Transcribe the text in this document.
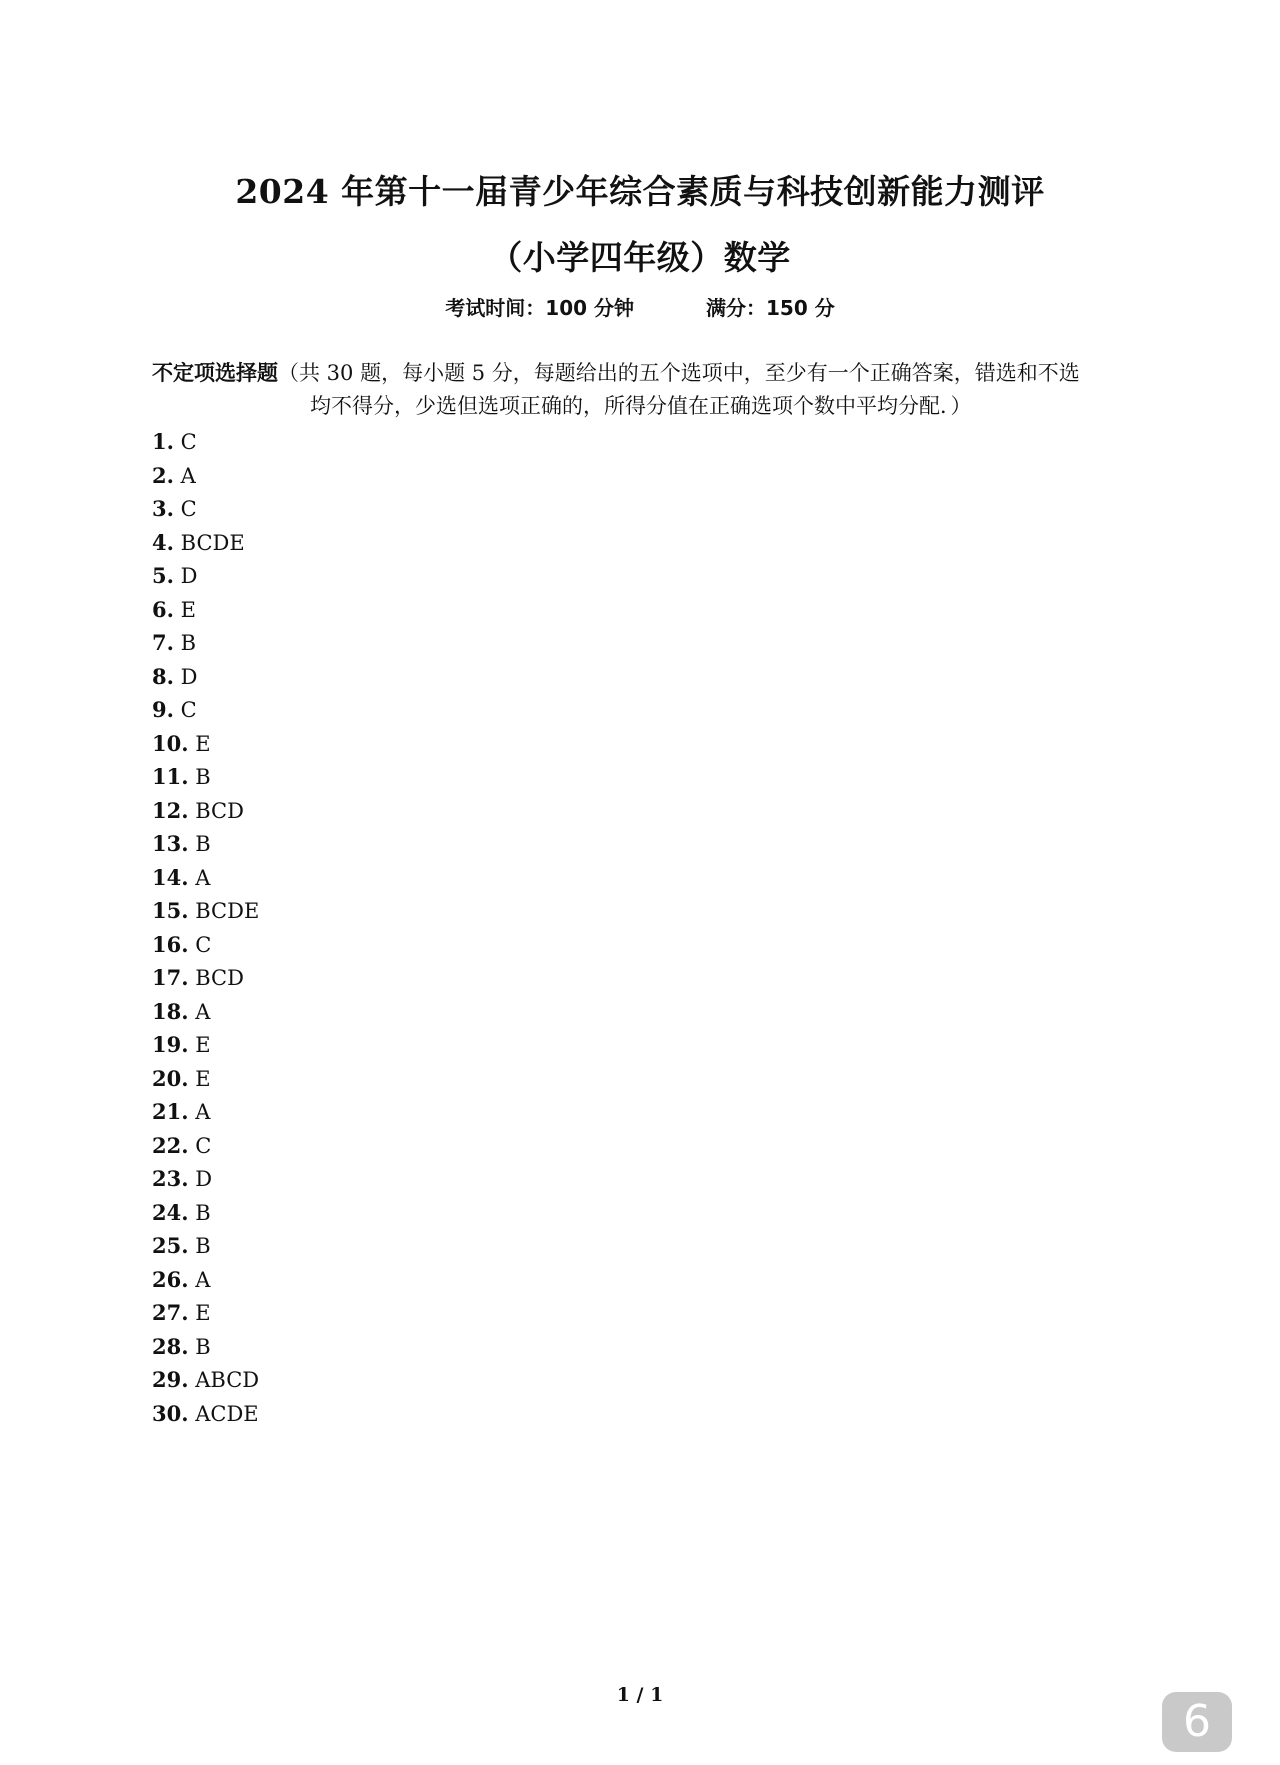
2024 年第十一届青少年综合素质与科技创新能力测评
（小学四年级）数学
考试时间：100 分钟	满分：150 分
不定项选择题（共 30 题，每小题 5 分，每题给出的五个选项中，至少有一个正确答案，错选和不选
均不得分，少选但选项正确的，所得分值在正确选项个数中平均分配．）
1. C
2. A
3. C
4. BCDE
5. D
6. E
7. B
8. D
9. C
10. E
11. B
12. BCD
13. B
14. A
15. BCDE
16. C
17. BCD
18. A
19. E
20. E
21. A
22. C
23. D
24. B
25. B
26. A
27. E
28. B
29. ABCD
30. ACDE
1 / 1
6
